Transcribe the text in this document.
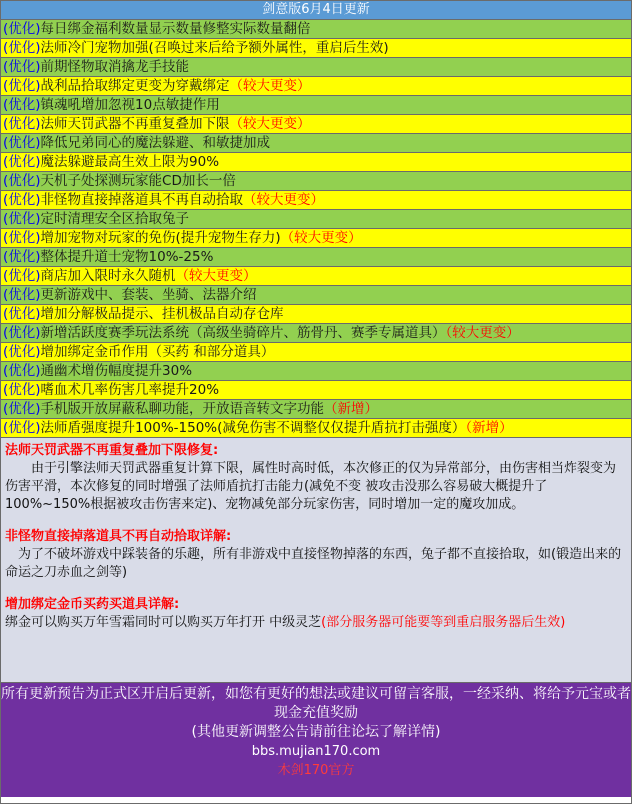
剑意版6月4日更新
(优化)每日绑金福利数量显示数量修整实际数量翻倍
(优化)法师冷门宠物加强(召唤过来后给予额外属性，重启后生效)
(优化)前期怪物取消擒龙手技能
(优化)战利品拾取绑定更变为穿戴绑定（较大更变）
(优化)镇魂吼增加忽视10点敏捷作用
(优化)法师天罚武器不再重复叠加下限（较大更变）
(优化)降低兄弟同心的魔法躲避、和敏捷加成
(优化)魔法躲避最高生效上限为90%
(优化)天机子处探测玩家能CD加长一倍
(优化)非怪物直接掉落道具不再自动拾取（较大更变）
(优化)定时清理安全区拾取兔子
(优化)增加宠物对玩家的免伤(提升宠物生存力)（较大更变）
(优化)整体提升道士宠物10%-25%
(优化)商店加入限时永久随机（较大更变）
(优化)更新游戏中、套装、坐骑、法器介绍
(优化)增加分解极品提示、挂机极品自动存仓库
(优化)新增活跃度赛季玩法系统（高级坐骑碎片、筋骨丹、赛季专属道具）（较大更变）
(优化)增加绑定金币作用（买药 和部分道具）
(优化)通幽术增伤幅度提升30%
(优化)嗜血术几率伤害几率提升20%
(优化)手机版开放屏蔽私聊功能，开放语音转文字功能（新增）
(优化)法师盾强度提升100%-150%(减免伤害不调整仅仅提升盾抗打击强度）（新增）
法师天罚武器不再重复叠加下限修复:
　　由于引擎法师天罚武器重复计算下限，属性时高时低，本次修正的仅为异常部分，由伤害相当炸裂变为伤害平滑，本次修复的同时增强了法师盾抗打击能力(减免不变 被攻击没那么容易破大概提升了100%~150%根据被攻击伤害来定)、宠物减免部分玩家伤害，同时增加一定的魔攻加成。
非怪物直接掉落道具不再自动拾取详解:
　为了不破坏游戏中踩装备的乐趣，所有非游戏中直接怪物掉落的东西，兔子都不直接拾取，如(锻造出来的命运之刀赤血之剑等)
增加绑定金币买药买道具详解:
绑金可以购买万年雪霜同时可以购买万年打开 中级灵芝(部分服务器可能要等到重启服务器后生效)
所有更新预告为正式区开启后更新，如您有更好的想法或建议可留言客服，一经采纳、将给予元宝或者现金充值奖励
(其他更新调整公告请前往论坛了解详情)
bbs.mujian170.com
木剑170官方
